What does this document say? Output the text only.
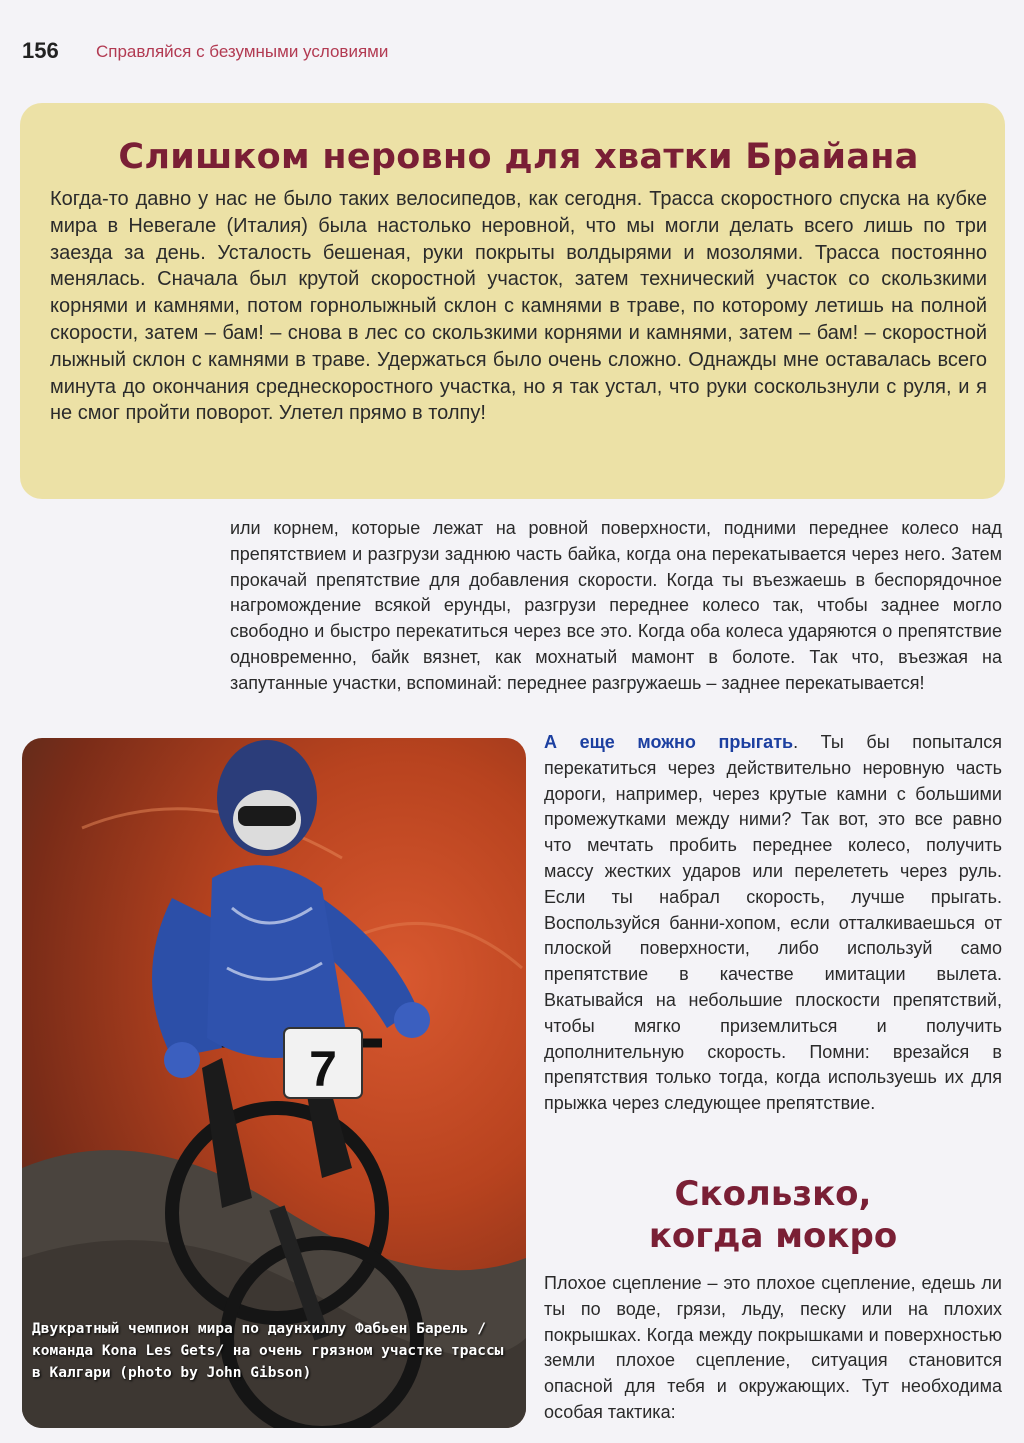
156 Справляйся с безумными условиями
Слишком неровно для хватки Брайана

Когда-то давно у нас не было таких велосипедов, как сегодня. Трасса скоростного спуска на кубке мира в Невегале (Италия) была настолько неровной, что мы могли делать всего лишь по три заезда за день. Усталость бешеная, руки покрыты волдырями и мозолями. Трасса постоянно менялась. Сначала был крутой скоростной участок, затем технический участок со скользкими корнями и камнями, потом горнолыжный склон с камнями в траве, по которому летишь на полной скорости, затем – бам! – снова в лес со скользкими корнями и камнями, затем – бам! – скоростной лыжный склон с камнями в траве. Удержаться было очень сложно. Однажды мне оставалась всего минута до окончания среднескоростного участка, но я так устал, что руки соскользнули с руля, и я не смог пройти поворот. Улетел прямо в толпу!

или корнем, которые лежат на ровной поверхности, подними переднее колесо над препятствием и разгрузи заднюю часть байка, когда она перекатывается через него. Затем прокачай препятствие для добавления скорости. Когда ты въезжаешь в беспорядочное нагромождение всякой ерунды, разгрузи переднее колесо так, чтобы заднее могло свободно и быстро перекатиться через все это. Когда оба колеса ударяются о препятствие одновременно, байк вязнет, как мохнатый мамонт в болоте. Так что, въезжая на запутанные участки, вспоминай: переднее разгружаешь – заднее перекатывается!

7

Двукратный чемпион мира по даунхиллу Фабьен Барель /команда Kona Les Gets/ на очень грязном участке трассы в Калгари (photo by John Gibson)

А еще можно прыгать. Ты бы попытался перекатиться через действительно неровную часть дороги, например, через крутые камни с большими промежутками между ними? Так вот, это все равно что мечтать пробить переднее колесо, получить массу жестких ударов или перелететь через руль. Если ты набрал скорость, лучше прыгать. Воспользуйся банни-хопом, если отталкиваешься от плоской поверхности, либо используй само препятствие в качестве имитации вылета. Вкатывайся на небольшие плоскости препятствий, чтобы мягко приземлиться и получить дополнительную скорость. Помни: врезайся в препятствия только тогда, когда используешь их для прыжка через следующее препятствие.

Скользко,
когда мокро

Плохое сцепление – это плохое сцепление, едешь ли ты по воде, грязи, льду, песку или на плохих покрышках. Когда между покрышками и поверхностью земли плохое сцепление, ситуация становится опасной для тебя и окружающих. Тут необходима особая тактика:
